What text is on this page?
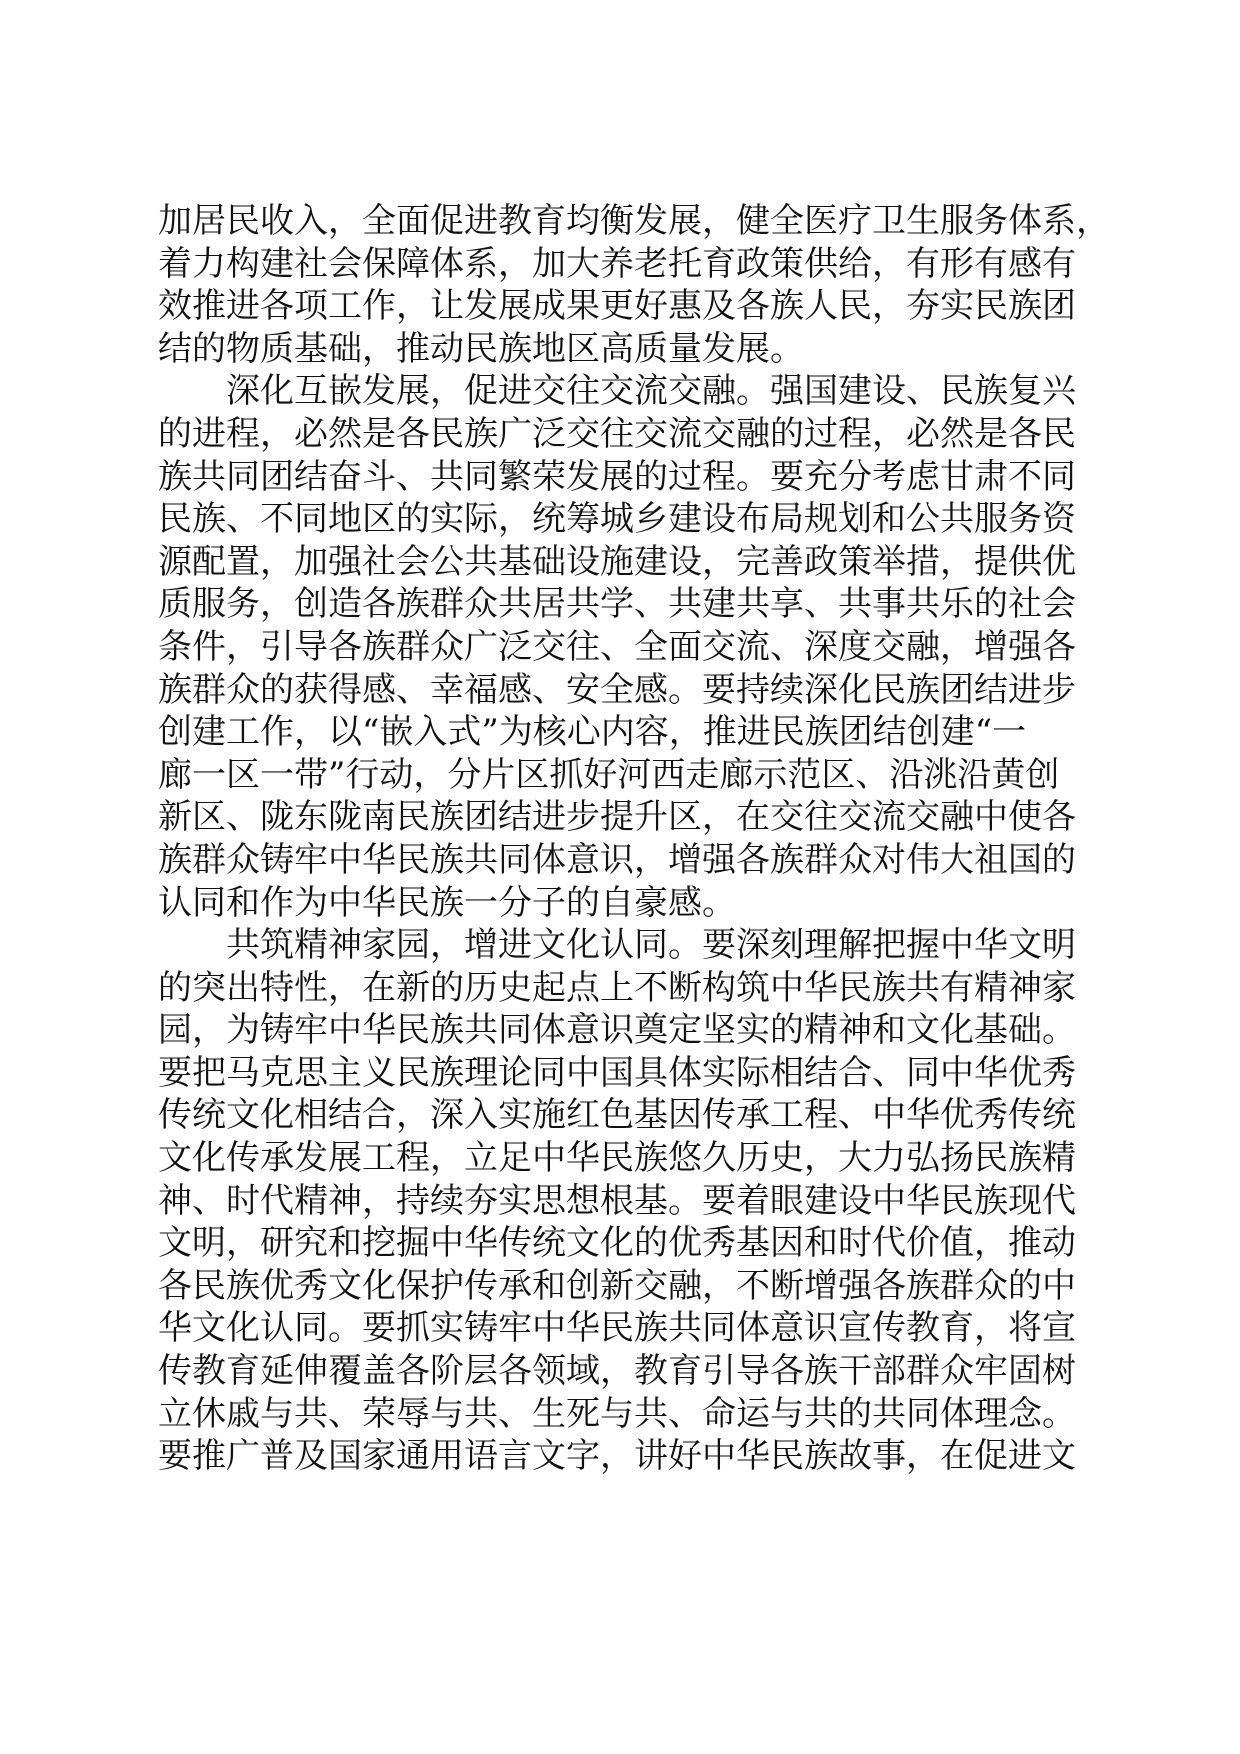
加居民收入，全面促进教育均衡发展，健全医疗卫生服务体系，
着力构建社会保障体系，加大养老托育政策供给，有形有感有
效推进各项工作，让发展成果更好惠及各族人民，夯实民族团
结的物质基础，推动民族地区高质量发展。
　　深化互嵌发展，促进交往交流交融。强国建设、民族复兴
的进程，必然是各民族广泛交往交流交融的过程，必然是各民
族共同团结奋斗、共同繁荣发展的过程。要充分考虑甘肃不同
民族、不同地区的实际，统筹城乡建设布局规划和公共服务资
源配置，加强社会公共基础设施建设，完善政策举措，提供优
质服务，创造各族群众共居共学、共建共享、共事共乐的社会
条件，引导各族群众广泛交往、全面交流、深度交融，增强各
族群众的获得感、幸福感、安全感。要持续深化民族团结进步
创建工作，以“嵌入式”为核心内容，推进民族团结创建“一
廊一区一带”行动，分片区抓好河西走廊示范区、沿洮沿黄创
新区、陇东陇南民族团结进步提升区，在交往交流交融中使各
族群众铸牢中华民族共同体意识，增强各族群众对伟大祖国的
认同和作为中华民族一分子的自豪感。
　　共筑精神家园，增进文化认同。要深刻理解把握中华文明
的突出特性，在新的历史起点上不断构筑中华民族共有精神家
园，为铸牢中华民族共同体意识奠定坚实的精神和文化基础。
要把马克思主义民族理论同中国具体实际相结合、同中华优秀
传统文化相结合，深入实施红色基因传承工程、中华优秀传统
文化传承发展工程，立足中华民族悠久历史，大力弘扬民族精
神、时代精神，持续夯实思想根基。要着眼建设中华民族现代
文明，研究和挖掘中华传统文化的优秀基因和时代价值，推动
各民族优秀文化保护传承和创新交融，不断增强各族群众的中
华文化认同。要抓实铸牢中华民族共同体意识宣传教育，将宣
传教育延伸覆盖各阶层各领域，教育引导各族干部群众牢固树
立休戚与共、荣辱与共、生死与共、命运与共的共同体理念。
要推广普及国家通用语言文字，讲好中华民族故事，在促进文
